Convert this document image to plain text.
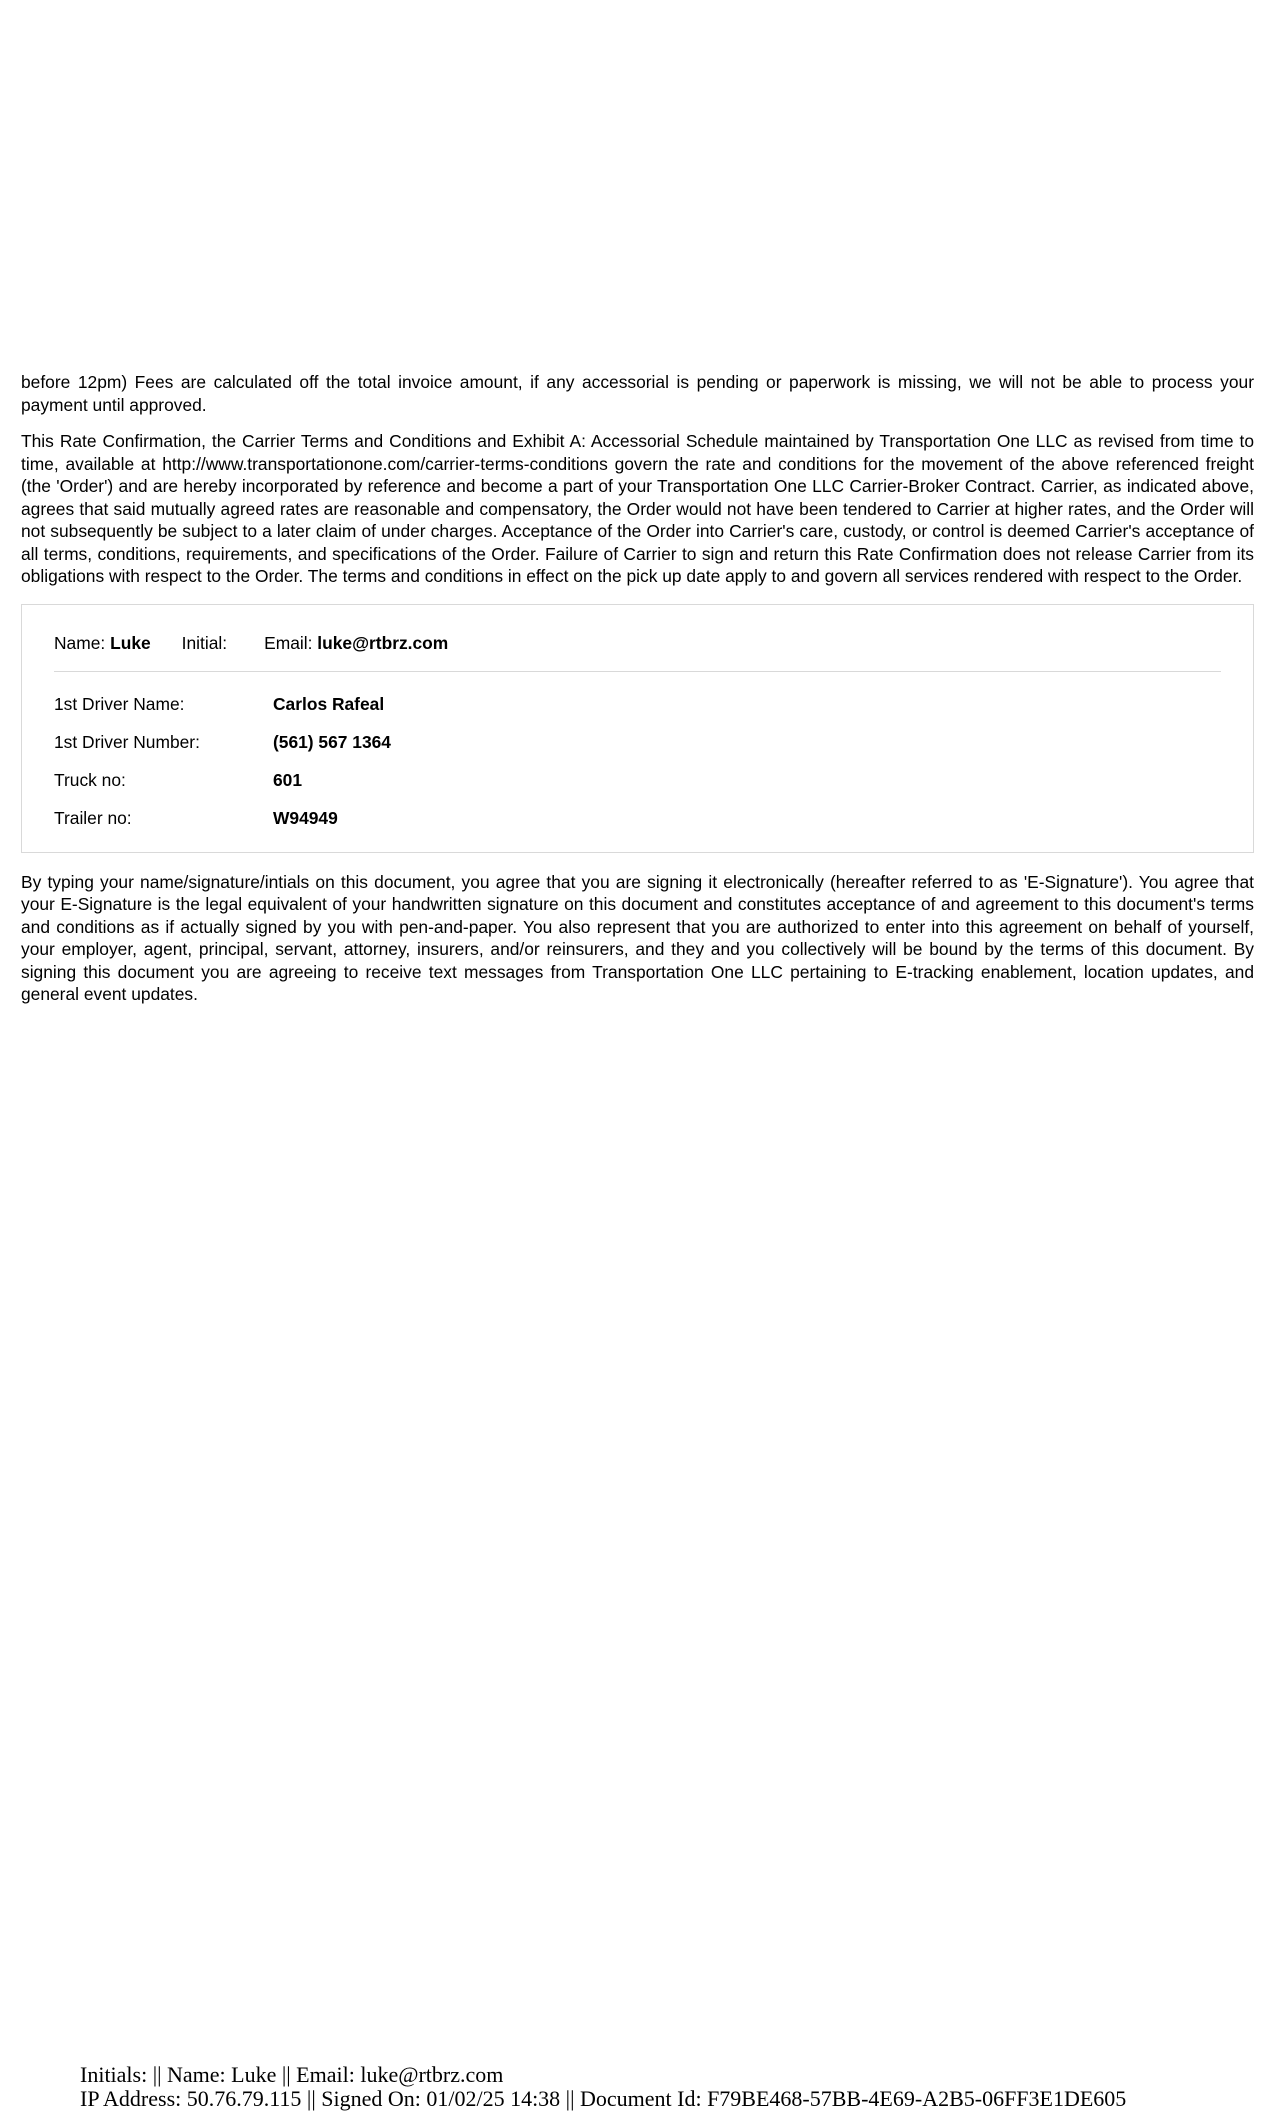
before 12pm) Fees are calculated off the total invoice amount, if any accessorial is pending or paperwork is missing, we will not be able to process your payment until approved.

This Rate Confirmation, the Carrier Terms and Conditions and Exhibit A: Accessorial Schedule maintained by Transportation One LLC as revised from time to time, available at http://www.transportationone.com/carrier-terms-conditions govern the rate and conditions for the movement of the above referenced freight (the 'Order') and are hereby incorporated by reference and become a part of your Transportation One LLC Carrier-Broker Contract. Carrier, as indicated above, agrees that said mutually agreed rates are reasonable and compensatory, the Order would not have been tendered to Carrier at higher rates, and the Order will not subsequently be subject to a later claim of under charges. Acceptance of the Order into Carrier's care, custody, or control is deemed Carrier's acceptance of all terms, conditions, requirements, and specifications of the Order. Failure of Carrier to sign and return this Rate Confirmation does not release Carrier from its obligations with respect to the Order. The terms and conditions in effect on the pick up date apply to and govern all services rendered with respect to the Order.

Name: Luke Initial: Email: luke@rtbrz.com
1st Driver Name:	Carlos Rafeal
1st Driver Number:	(561) 567 1364
Truck no:	601
Trailer no:	W94949

By typing your name/signature/intials on this document, you agree that you are signing it electronically (hereafter referred to as 'E-Signature'). You agree that your E-Signature is the legal equivalent of your handwritten signature on this document and constitutes acceptance of and agreement to this document's terms and conditions as if actually signed by you with pen-and-paper. You also represent that you are authorized to enter into this agreement on behalf of yourself, your employer, agent, principal, servant, attorney, insurers, and/or reinsurers, and they and you collectively will be bound by the terms of this document. By signing this document you are agreeing to receive text messages from Transportation One LLC pertaining to E-tracking enablement, location updates, and general event updates.

Initials: || Name: Luke || Email: luke@rtbrz.com
IP Address: 50.76.79.115 || Signed On: 01/02/25 14:38 || Document Id: F79BE468-57BB-4E69-A2B5-06FF3E1DE605
